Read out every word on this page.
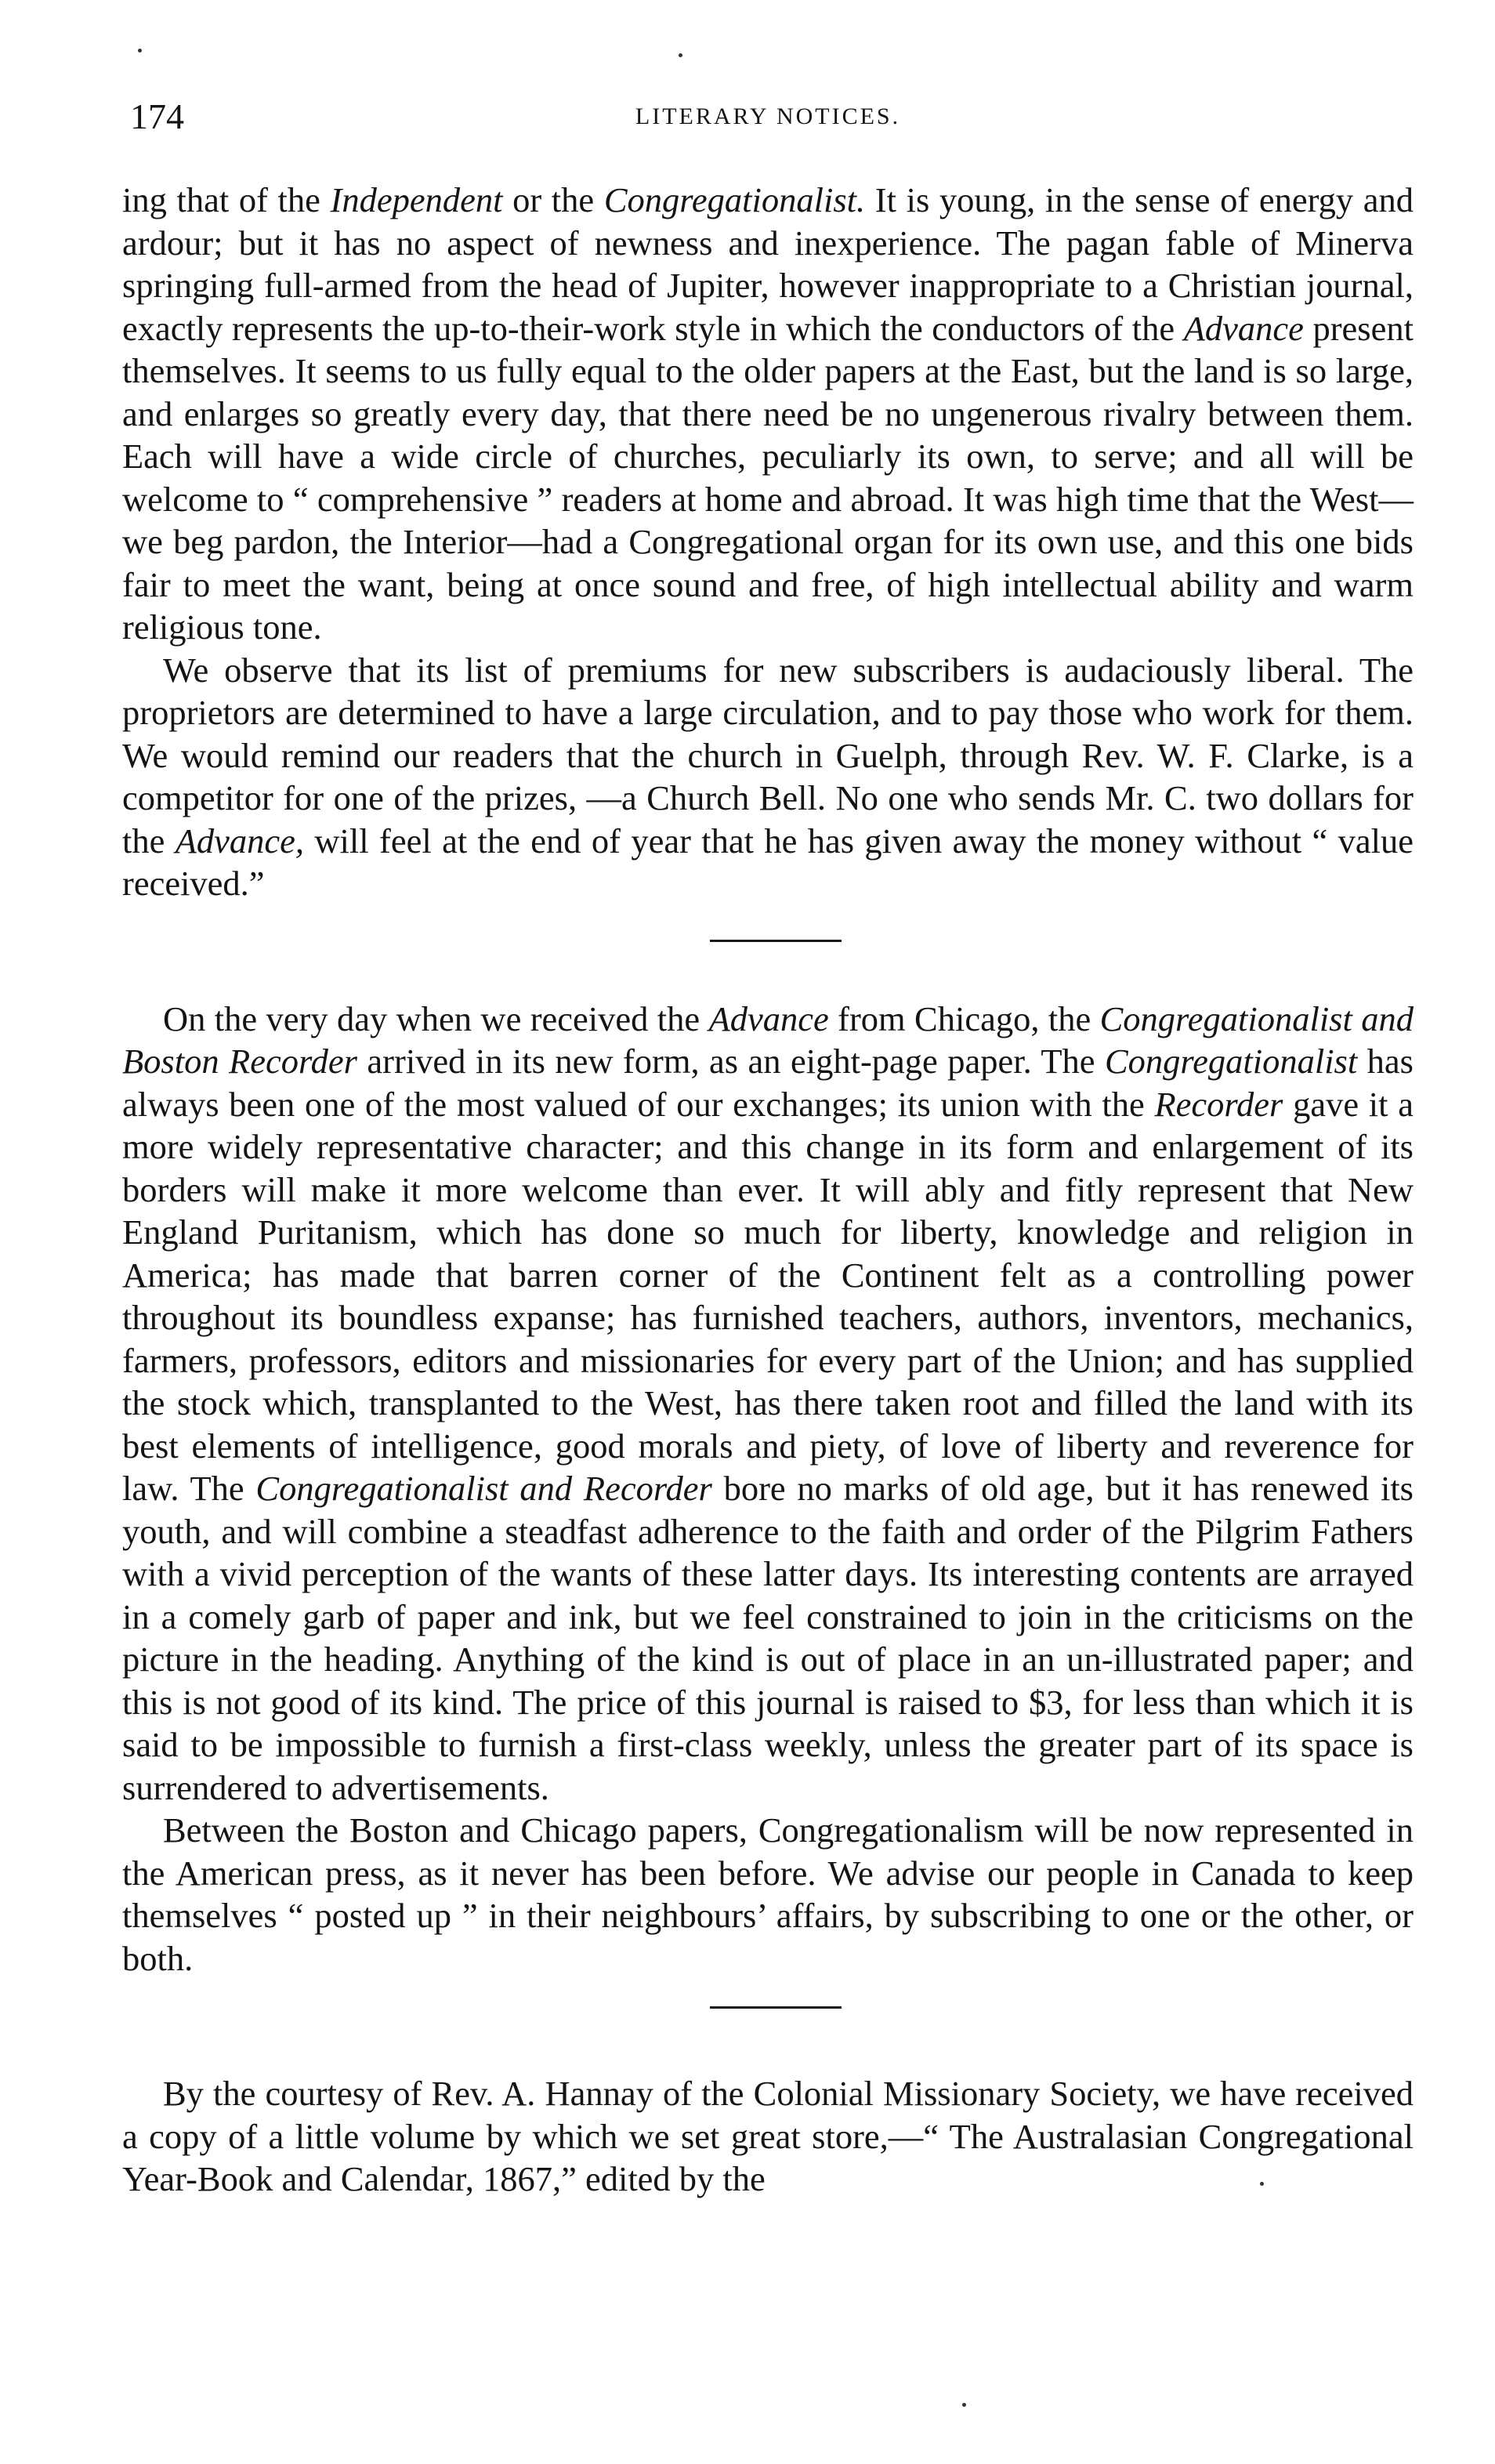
174	LITERARY NOTICES.

ing that of the Independent or the Congregationalist. It is young, in the sense of energy and ardour; but it has no aspect of newness and inexperience. The pagan fable of Minerva springing full-armed from the head of Jupiter, however inappropriate to a Christian journal, exactly represents the up-to-their-work style in which the conductors of the Advance present themselves. It seems to us fully equal to the older papers at the East, but the land is so large, and enlarges so greatly every day, that there need be no ungenerous rivalry between them. Each will have a wide circle of churches, peculiarly its own, to serve; and all will be welcome to “ comprehensive ” readers at home and abroad. It was high time that the West—we beg pardon, the Interior—had a Congregational organ for its own use, and this one bids fair to meet the want, being at once sound and free, of high intellectual ability and warm religious tone.

We observe that its list of premiums for new subscribers is audaciously liberal. The proprietors are determined to have a large circulation, and to pay those who work for them. We would remind our readers that the church in Guelph, through Rev. W. F. Clarke, is a competitor for one of the prizes, —a Church Bell. No one who sends Mr. C. two dollars for the Advance, will feel at the end of year that he has given away the money without “ value received.”

On the very day when we received the Advance from Chicago, the Congregationalist and Boston Recorder arrived in its new form, as an eight-page paper. The Congregationalist has always been one of the most valued of our exchanges; its union with the Recorder gave it a more widely representative character; and this change in its form and enlargement of its borders will make it more welcome than ever. It will ably and fitly represent that New England Puritanism, which has done so much for liberty, knowledge and religion in America; has made that barren corner of the Continent felt as a controlling power throughout its boundless expanse; has furnished teachers, authors, inventors, mechanics, farmers, professors, editors and missionaries for every part of the Union; and has supplied the stock which, transplanted to the West, has there taken root and filled the land with its best elements of intelligence, good morals and piety, of love of liberty and reverence for law. The Congregationalist and Recorder bore no marks of old age, but it has renewed its youth, and will combine a steadfast adherence to the faith and order of the Pilgrim Fathers with a vivid perception of the wants of these latter days. Its interesting contents are arrayed in a comely garb of paper and ink, but we feel constrained to join in the criticisms on the picture in the heading. Anything of the kind is out of place in an un-illustrated paper; and this is not good of its kind. The price of this journal is raised to $3, for less than which it is said to be impossible to furnish a first-class weekly, unless the greater part of its space is surrendered to advertisements.

Between the Boston and Chicago papers, Congregationalism will be now represented in the American press, as it never has been before. We advise our people in Canada to keep themselves “ posted up ” in their neighbours’ affairs, by subscribing to one or the other, or both.

By the courtesy of Rev. A. Hannay of the Colonial Missionary Society, we have received a copy of a little volume by which we set great store,—“ The Australasian Congregational Year-Book and Calendar, 1867,” edited by the
